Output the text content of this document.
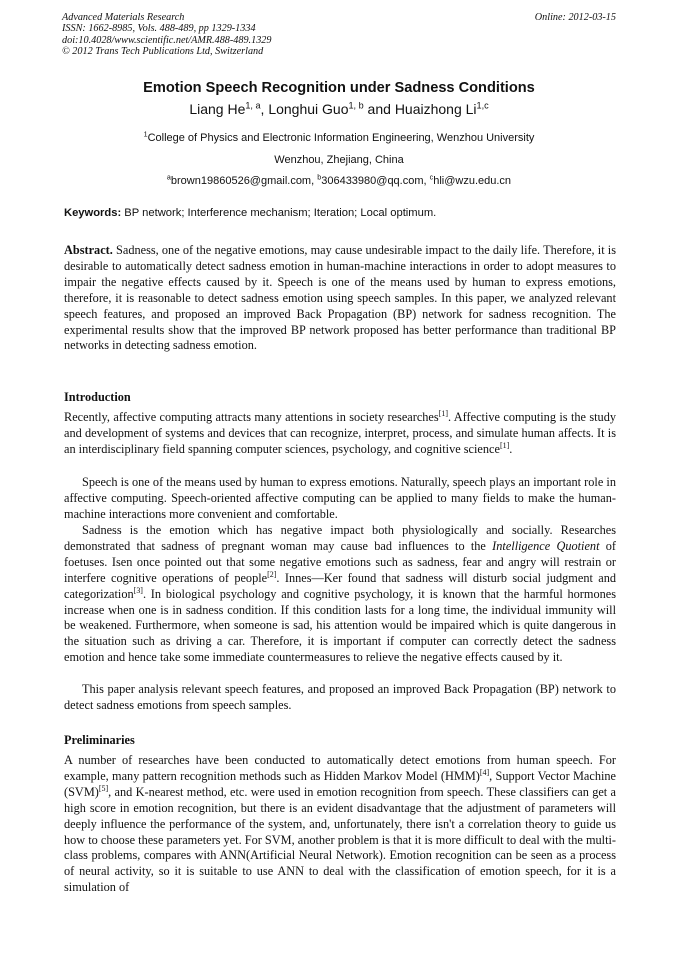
Advanced Materials Research
ISSN: 1662-8985, Vols. 488-489, pp 1329-1334
doi:10.4028/www.scientific.net/AMR.488-489.1329
© 2012 Trans Tech Publications Ltd, Switzerland
Online: 2012-03-15
Emotion Speech Recognition under Sadness Conditions
Liang He$^{1, a}$, Longhui Guo$^{1, b}$ and Huaizhong Li$^{1,c}$
$^1$College of Physics and Electronic Information Engineering, Wenzhou University
Wenzhou, Zhejiang, China
$^a$brown19860526@gmail.com, $^b$306433980@qq.com, $^c$hli@wzu.edu.cn
Keywords: BP network; Interference mechanism; Iteration; Local optimum.
Abstract. Sadness, one of the negative emotions, may cause undesirable impact to the daily life. Therefore, it is desirable to automatically detect sadness emotion in human-machine interactions in order to adopt measures to impair the negative effects caused by it. Speech is one of the means used by human to express emotions, therefore, it is reasonable to detect sadness emotion using speech samples. In this paper, we analyzed relevant speech features, and proposed an improved Back Propagation (BP) network for sadness recognition. The experimental results show that the improved BP network proposed has better performance than traditional BP networks in detecting sadness emotion.
Introduction
Recently, affective computing attracts many attentions in society researches[1]. Affective computing is the study and development of systems and devices that can recognize, interpret, process, and simulate human affects. It is an interdisciplinary field spanning computer sciences, psychology, and cognitive science[1].
Speech is one of the means used by human to express emotions. Naturally, speech plays an important role in affective computing. Speech-oriented affective computing can be applied to many fields to make the human-machine interactions more convenient and comfortable.
Sadness is the emotion which has negative impact both physiologically and socially. Researches demonstrated that sadness of pregnant woman may cause bad influences to the Intelligence Quotient of foetuses. Isen once pointed out that some negative emotions such as sadness, fear and angry will restrain or interfere cognitive operations of people[2]. Innes—Ker found that sadness will disturb social judgment and categorization[3]. In biological psychology and cognitive psychology, it is known that the harmful hormones increase when one is in sadness condition. If this condition lasts for a long time, the individual immunity will be weakened. Furthermore, when someone is sad, his attention would be impaired which is quite dangerous in the situation such as driving a car. Therefore, it is important if computer can correctly detect the sadness emotion and hence take some immediate countermeasures to relieve the negative effects caused by it.
This paper analysis relevant speech features, and proposed an improved Back Propagation (BP) network to detect sadness emotions from speech samples.
Preliminaries
A number of researches have been conducted to automatically detect emotions from human speech. For example, many pattern recognition methods such as Hidden Markov Model (HMM)[4], Support Vector Machine (SVM)[5], and K-nearest method, etc. were used in emotion recognition from speech. These classifiers can get a high score in emotion recognition, but there is an evident disadvantage that the adjustment of parameters will deeply influence the performance of the system, and, unfortunately, there isn't a correlation theory to guide us how to choose these parameters yet. For SVM, another problem is that it is more difficult to deal with the multi-class problems, compares with ANN(Artificial Neural Network). Emotion recognition can be seen as a process of neural activity, so it is suitable to use ANN to deal with the classification of emotion speech, for it is a simulation of
